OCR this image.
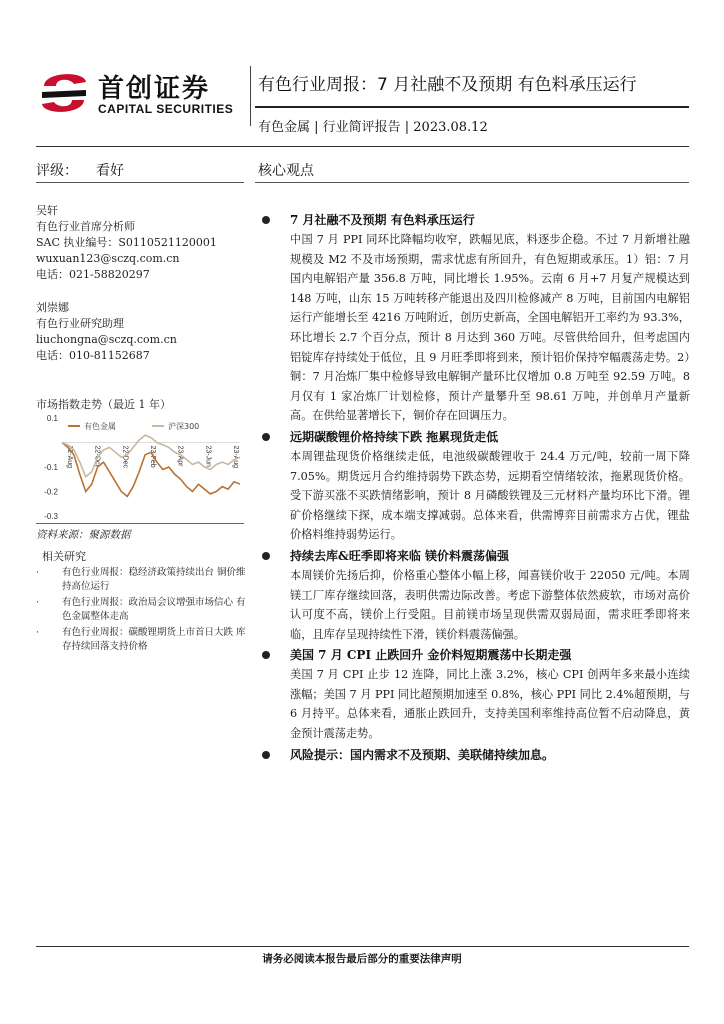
首创证券
CAPITAL SECURITIES
有色行业周报：7 月社融不及预期 有色料承压运行
有色金属 | 行业简评报告 | 2023.08.12
评级： 看好	核心观点
吴轩
有色行业首席分析师
SAC 执业编号：S0110521120001
wuxuan123@sczq.com.cn
电话：021-58820297
刘崇娜
有色行业研究助理
liuchongna@sczq.com.cn
电话：010-81152687
市场指数走势（最近 1 年）
0.1
-0.1
-0.2
-0.3
22-Aug	22-Oct	22-Dec	23-Feb	23-Apr	23-Jun	23-Aug
有色金属	沪深300
资料来源：聚源数据
相关研究
· 有色行业周报：稳经济政策持续出台 铜价维持高位运行
· 有色行业周报：政治局会议增强市场信心 有色金属整体走高
· 有色行业周报：碳酸锂期货上市首日大跌 库存持续回落支持价格
7 月社融不及预期 有色料承压运行
中国 7 月 PPI 同环比降幅均收窄，跌幅见底，料逐步企稳。不过 7 月新增社融规模及 M2 不及市场预期，需求忧虑有所回升，有色短期或承压。1）铝：7 月国内电解铝产量 356.8 万吨，同比增长 1.95%。云南 6 月+7 月复产规模达到 148 万吨，山东 15 万吨转移产能退出及四川检修减产 8 万吨，目前国内电解铝运行产能增长至 4216 万吨附近，创历史新高，全国电解铝开工率约为 93.3%，环比增长 2.7 个百分点，预计 8 月达到 360 万吨。尽管供给回升，但考虑国内铝锭库存持续处于低位，且 9 月旺季即将到来，预计铝价保持窄幅震荡走势。2）铜：7 月冶炼厂集中检修导致电解铜产量环比仅增加 0.8 万吨至 92.59 万吨。8 月仅有 1 家冶炼厂计划检修，预计产量攀升至 98.61 万吨，并创单月产量新高。在供给显著增长下，铜价存在回调压力。
远期碳酸锂价格持续下跌 拖累现货走低
本周锂盐现货价格继续走低，电池级碳酸锂收于 24.4 万元/吨，较前一周下降 7.05%。期货远月合约维持弱势下跌态势，远期看空情绪较浓，拖累现货价格。受下游买涨不买跌情绪影响，预计 8 月磷酸铁锂及三元材料产量均环比下滑。锂矿价格继续下探，成本端支撑减弱。总体来看，供需博弈目前需求方占优，锂盐价格料维持弱势运行。
持续去库&旺季即将来临 镁价料震荡偏强
本周镁价先扬后抑，价格重心整体小幅上移，闻喜镁价收于 22050 元/吨。本周镁工厂库存继续回落，表明供需边际改善。考虑下游整体依然疲软，市场对高价认可度不高，镁价上行受阻。目前镁市场呈现供需双弱局面，需求旺季即将来临，且库存呈现持续性下滑，镁价料震荡偏强。
美国 7 月 CPI 止跌回升 金价料短期震荡中长期走强
美国 7 月 CPI 止步 12 连降，同比上涨 3.2%，核心 CPI 创两年多来最小连续涨幅；美国 7 月 PPI 同比超预期加速至 0.8%，核心 PPI 同比 2.4%超预期，与 6 月持平。总体来看，通胀止跌回升，支持美国利率维持高位暂不启动降息，黄金预计震荡走势。
风险提示：国内需求不及预期、美联储持续加息。
请务必阅读本报告最后部分的重要法律声明
